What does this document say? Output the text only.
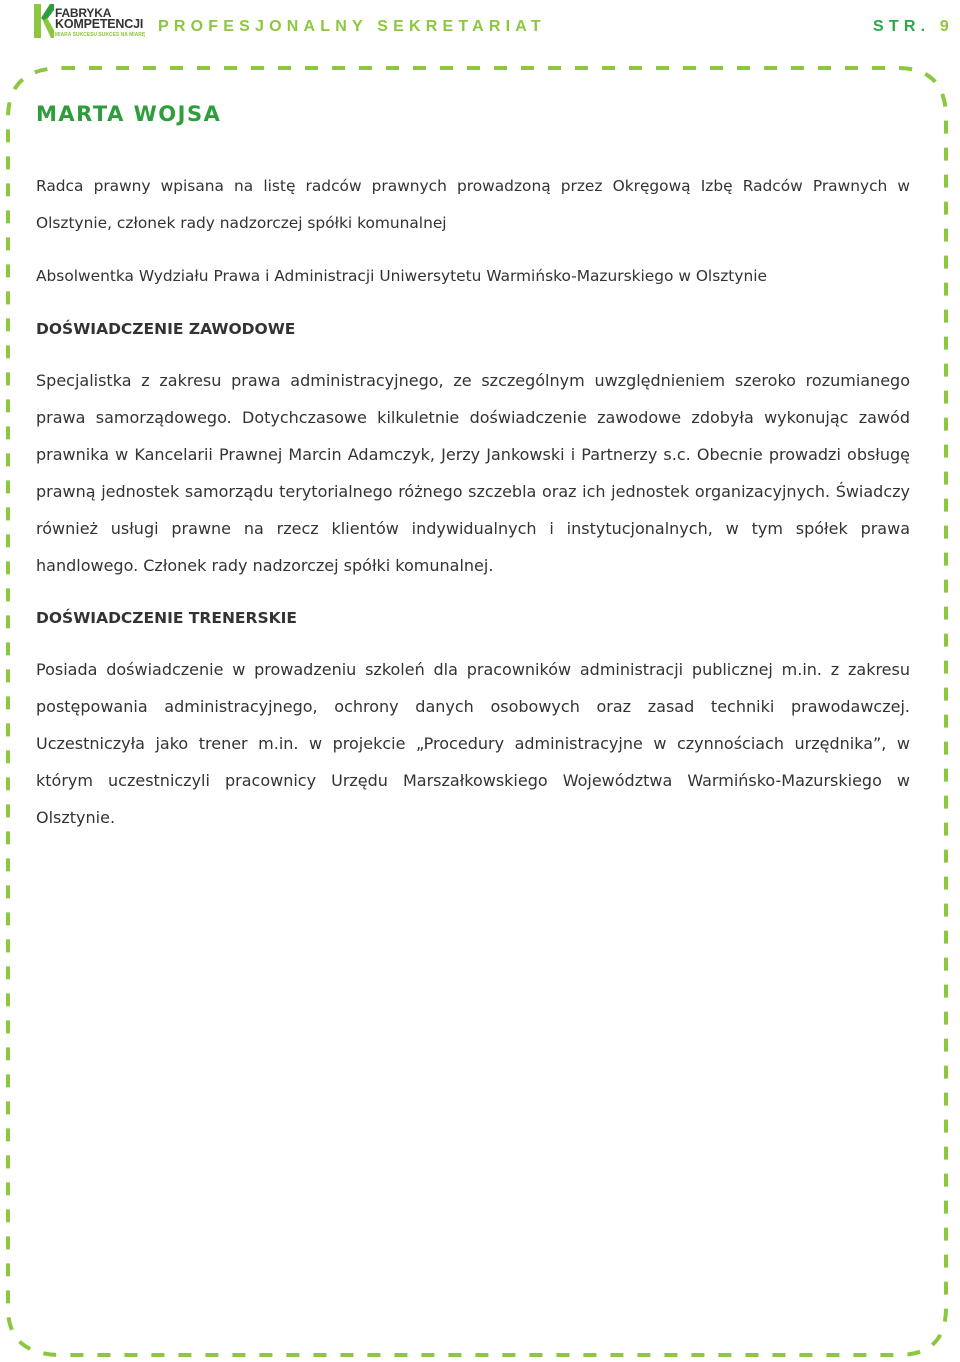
FABRYKA
KOMPETENCJI
MIARA SUKCESU SUKCES NA MIARĘ PROFESJONALNY SEKRETARIAT	STR. 9
MARTA WOJSA

Radca prawny wpisana na listę radców prawnych prowadzoną przez Okręgową Izbę Radców Prawnych w Olsztynie, członek rady nadzorczej spółki komunalnej

Absolwentka Wydziału Prawa i Administracji Uniwersytetu Warmińsko-Mazurskiego w Olsztynie

DOŚWIADCZENIE ZAWODOWE

Specjalistka z zakresu prawa administracyjnego, ze szczególnym uwzględnieniem szeroko rozumianego prawa samorządowego. Dotychczasowe kilkuletnie doświadczenie zawodowe zdobyła wykonując zawód prawnika w Kancelarii Prawnej Marcin Adamczyk, Jerzy Jankowski i Partnerzy s.c. Obecnie prowadzi obsługę prawną jednostek samorządu terytorialnego różnego szczebla oraz ich jednostek organizacyjnych. Świadczy również usługi prawne na rzecz klientów indywidualnych i instytucjonalnych, w tym spółek prawa handlowego. Członek rady nadzorczej spółki komunalnej.

DOŚWIADCZENIE TRENERSKIE

Posiada doświadczenie w prowadzeniu szkoleń dla pracowników administracji publicznej m.in. z zakresu postępowania administracyjnego, ochrony danych osobowych oraz zasad techniki prawodawczej. Uczestniczyła jako trener m.in. w projekcie „Procedury administracyjne w czynnościach urzędnika”, w którym uczestniczyli pracownicy Urzędu Marszałkowskiego Województwa Warmińsko-Mazurskiego w Olsztynie.
